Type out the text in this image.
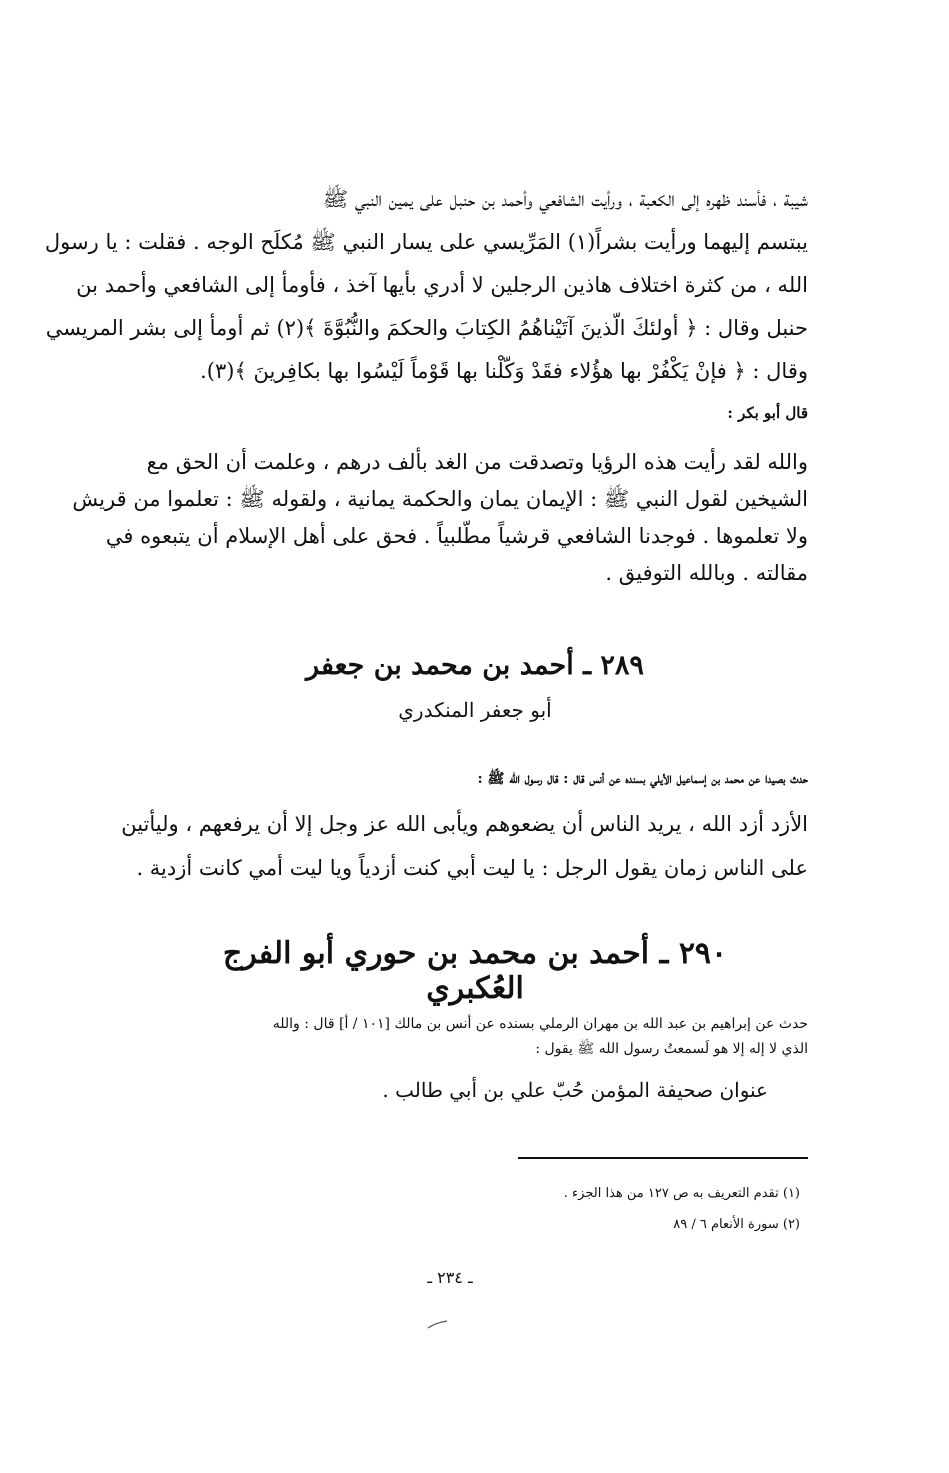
شيبة ، فأسند ظهره إلى الكعبة ، ورأيت الشافعي وأحمد بن حنبل على يمين النبي ﷺ
يبتسم إليهما ورأيت بشراً(١) المَرِّيسي على يسار النبي ﷺ مُكلَح الوجه . فقلت : يا رسول
الله ، من كثرة اختلاف هاذين الرجلين لا أدري بأيها آخذ ، فأومأ إلى الشافعي وأحمد بن
حنبل وقال : ﴿ أولئكَ الّذينَ آتَيْناهُمُ الكِتابَ والحكمَ والنُّبُوَّةَ ﴾(٢) ثم أومأ إلى بشر المريسي
وقال : ﴿ فإنْ يَكْفُرْ بها هؤُلاء فقَدْ وَكّلْنا بها قَوْماً لَيْسُوا بها بكافِرينَ ﴾(٣).
قال أبو بكر :
والله لقد رأيت هذه الرؤيا وتصدقت من الغد بألف درهم ، وعلمت أن الحق مع
الشيخين لقول النبي ﷺ : الإيمان يمان والحكمة يمانية ، ولقوله ﷺ : تعلموا من قريش
ولا تعلموها . فوجدنا الشافعي قرشياً مطّلبياً . فحق على أهل الإسلام أن يتبعوه في
مقالته . وبالله التوفيق .
٢٨٩ ـ أحمد بن محمد بن جعفر
أبو جعفر المنكدري
حدث بصيدا عن محمد بن إسماعيل الأيلي بسنده عن أنس قال : قال رسول الله ﷺ :
الأزد أزد الله ، يريد الناس أن يضعوهم ويأبى الله عز وجل إلا أن يرفعهم ، وليأتين
على الناس زمان يقول الرجل : يا ليت أبي كنت أزدياً ويا ليت أمي كانت أزدية .
٢٩٠ ـ أحمد بن محمد بن حوري أبو الفرج العُكبري
حدث عن إبراهيم بن عبد الله بن مهران الرملي بسنده عن أنس بن مالك [١٠١ / أ] قال : والله
الذي لا إله إلا هو لَسمعتُ رسول الله ﷺ يقول :
عنوان صحيفة المؤمن حُبّ علي بن أبي طالب .
(١) تقدم التعريف به ص ١٢٧ من هذا الجزء .
(٢) سورة الأنعام ٦ / ٨٩
ـ ٢٣٤ ـ
